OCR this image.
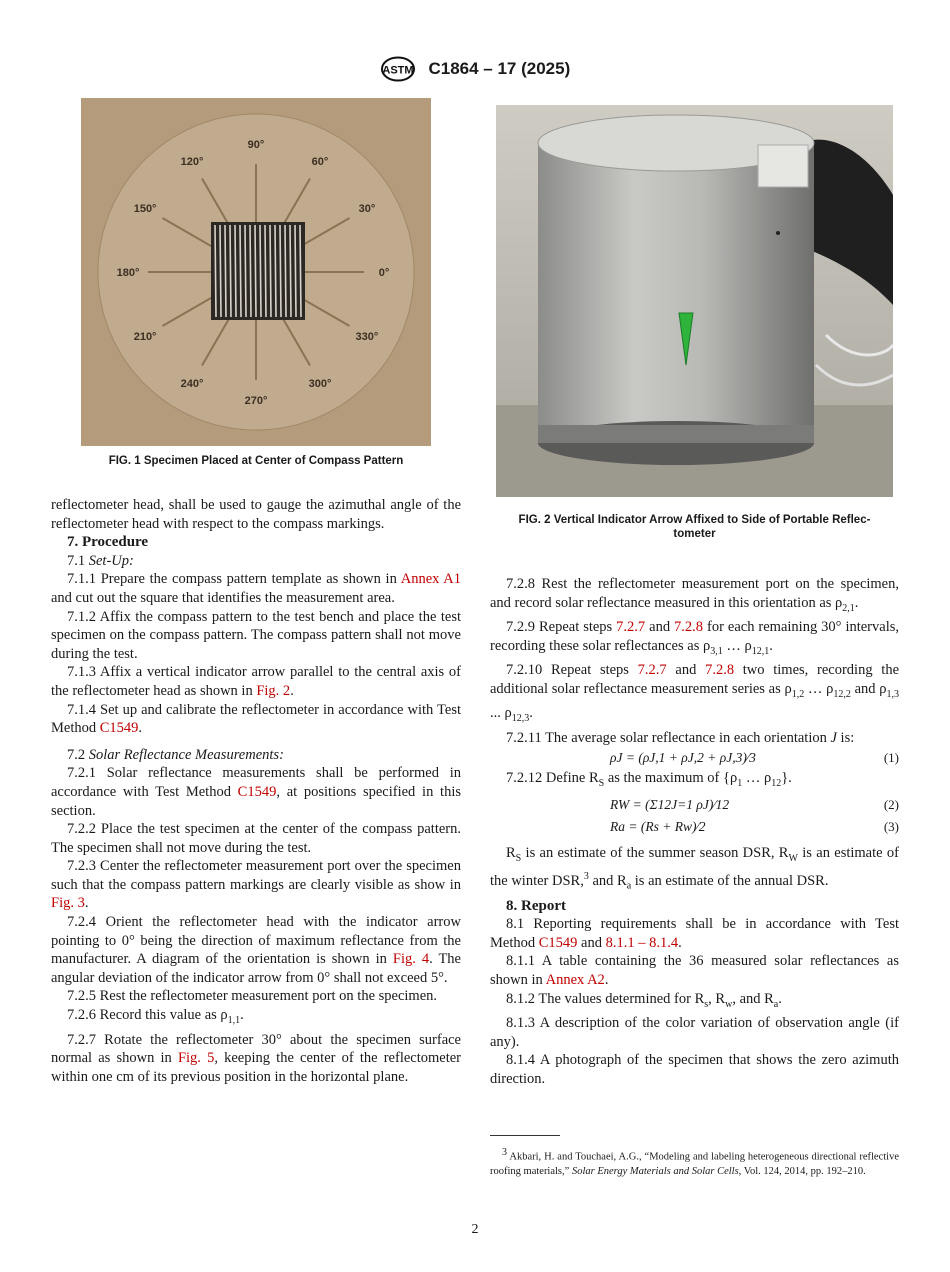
ASTM C1864 – 17 (2025)
0°
30°
60°
90°
120°
150°
180°
210°
240°
270°
300°
330°
FIG. 1 Specimen Placed at Center of Compass Pattern
FIG. 2 Vertical Indicator Arrow Affixed to Side of Portable Reflec-
tometer

reflectometer head, shall be used to gauge the azimuthal angle of the reflectometer head with respect to the compass markings.

7. Procedure

7.1 Set-Up:

7.1.1 Prepare the compass pattern template as shown in Annex A1 and cut out the square that identifies the measurement area.

7.1.2 Affix the compass pattern to the test bench and place the test specimen on the compass pattern. The compass pattern shall not move during the test.

7.1.3 Affix a vertical indicator arrow parallel to the central axis of the reflectometer head as shown in Fig. 2.

7.1.4 Set up and calibrate the reflectometer in accordance with Test Method C1549.

7.2 Solar Reflectance Measurements:

7.2.1 Solar reflectance measurements shall be performed in accordance with Test Method C1549, at positions specified in this section.

7.2.2 Place the test specimen at the center of the compass pattern. The specimen shall not move during the test.

7.2.3 Center the reflectometer measurement port over the specimen such that the compass pattern markings are clearly visible as show in Fig. 3.

7.2.4 Orient the reflectometer head with the indicator arrow pointing to 0° being the direction of maximum reflectance from the manufacturer. A diagram of the orientation is shown in Fig. 4. The angular deviation of the indicator arrow from 0° shall not exceed 5°.

7.2.5 Rest the reflectometer measurement port on the specimen.

7.2.6 Record this value as $\rho_{1,1}$.

7.2.7 Rotate the reflectometer 30° about the specimen surface normal as shown in Fig. 5, keeping the center of the reflectometer within one cm of its previous position in the horizontal plane.

7.2.8 Rest the reflectometer measurement port on the specimen, and record solar reflectance measured in this orientation as $\rho_{2,1}$.

7.2.9 Repeat steps 7.2.7 and 7.2.8 for each remaining 30° intervals, recording these solar reflectances as $\rho_{3,1}$ … $\rho_{12,1}$.

7.2.10 Repeat steps 7.2.7 and 7.2.8 two times, recording the additional solar reflectance measurement series as $\rho_{1,2}$ … $\rho_{12,2}$ and $\rho_{1,3}$ ... $\rho_{12,3}$.

7.2.11 The average solar reflectance in each orientation J is:

ρJ = (ρJ,1 + ρJ,2 + ρJ,3)⁄3	(1)

7.2.12 Define $R_S$ as the maximum of {$\rho_1$ … $\rho_{12}$}.

RW = (Σ12J=1 ρJ)⁄12	(2)
Ra = (Rs + Rw)⁄2	(3)

$R_S$ is an estimate of the summer season DSR, $R_W$ is an estimate of the winter DSR,$^3$ and $R_a$ is an estimate of the annual DSR.

8. Report

8.1 Reporting requirements shall be in accordance with Test Method C1549 and 8.1.1 – 8.1.4.

8.1.1 A table containing the 36 measured solar reflectances as shown in Annex A2.

8.1.2 The values determined for $R_s$, $R_w$, and $R_a$.

8.1.3 A description of the color variation of observation angle (if any).

8.1.4 A photograph of the specimen that shows the zero azimuth direction.

$^3$ Akbari, H. and Touchaei, A.G., “Modeling and labeling heterogeneous directional reflective roofing materials,” Solar Energy Materials and Solar Cells, Vol. 124, 2014, pp. 192–210.
2
